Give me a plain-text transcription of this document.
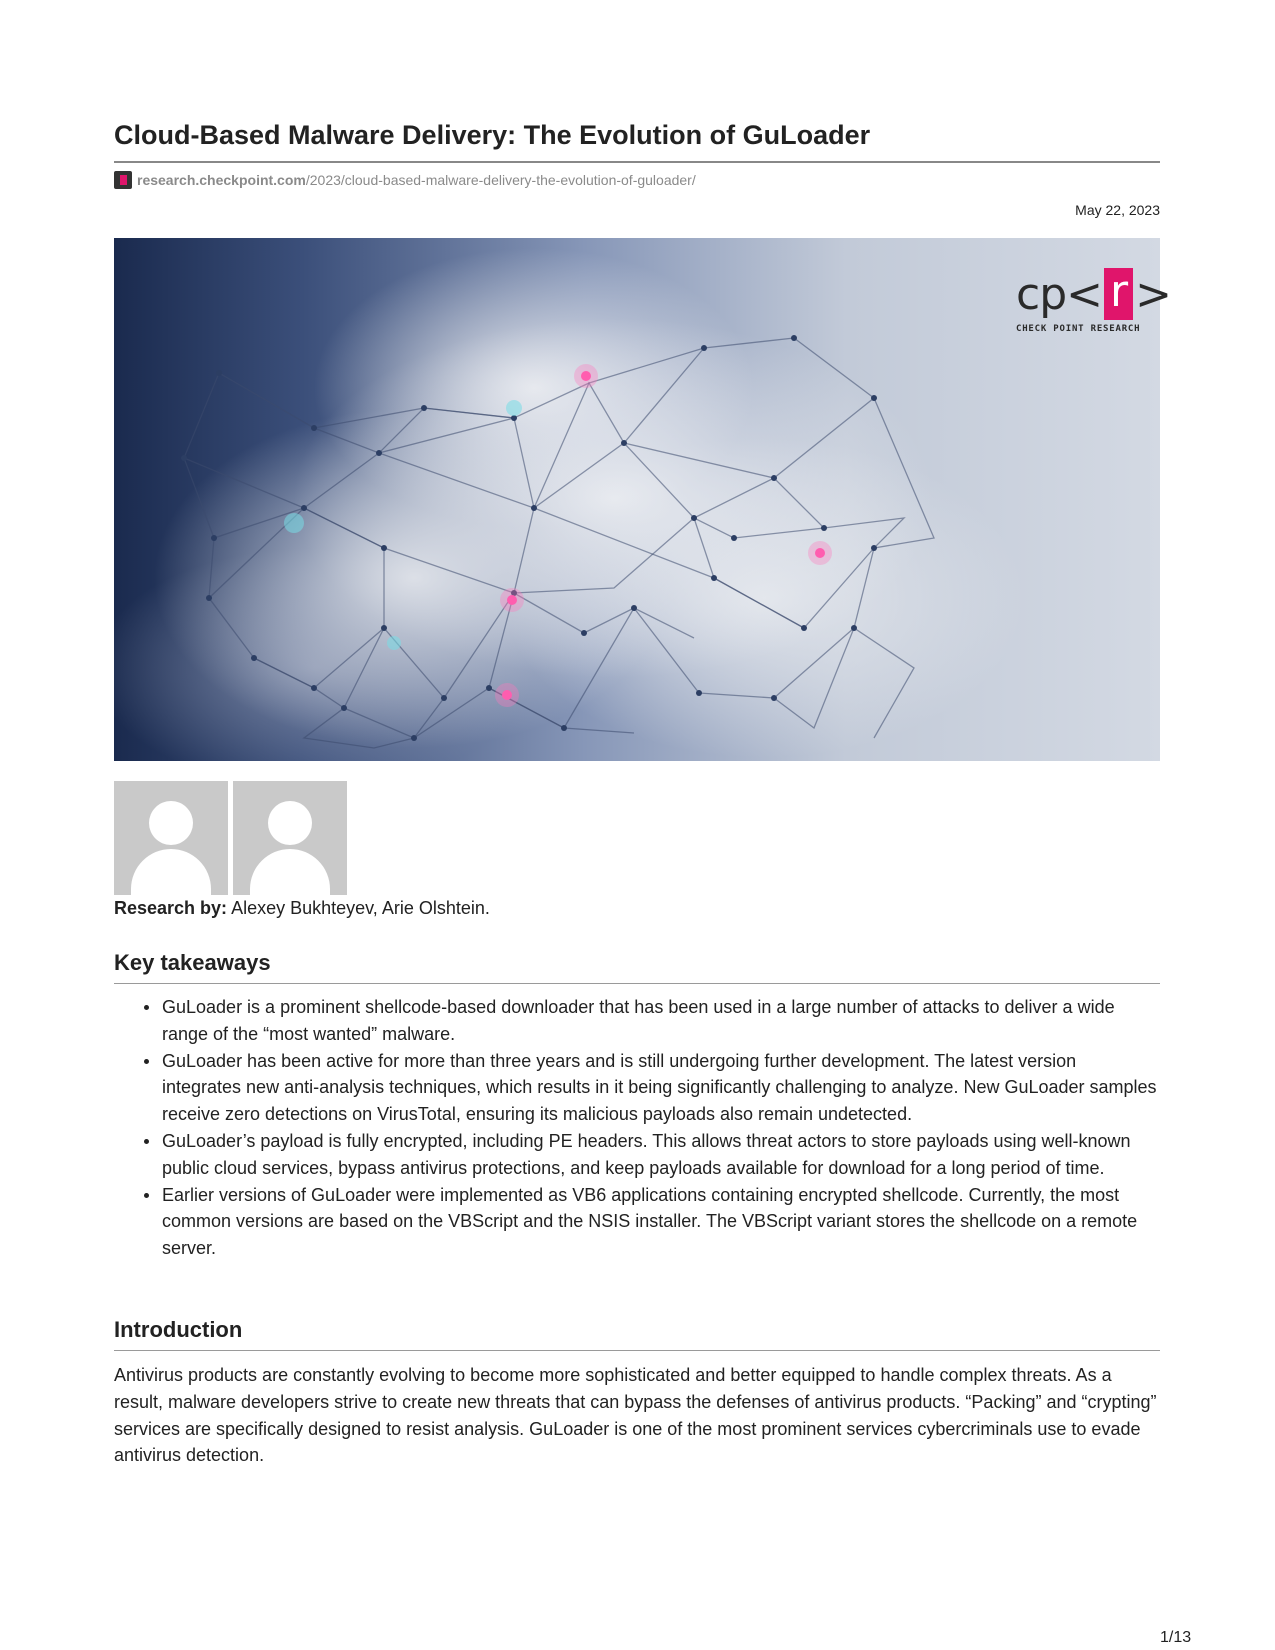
Cloud-Based Malware Delivery: The Evolution of GuLoader
research.checkpoint.com /2023/cloud-based-malware-delivery-the-evolution-of-guloader/
May 22, 2023
cp< r >
CHECK POINT RESEARCH
Research by: Alexey Bukhteyev, Arie Olshtein.
Key takeaways
GuLoader is a prominent shellcode-based downloader that has been used in a large number of attacks to deliver a wide range of the “most wanted” malware.
GuLoader has been active for more than three years and is still undergoing further development. The latest version integrates new anti-analysis techniques, which results in it being significantly challenging to analyze. New GuLoader samples receive zero detections on VirusTotal, ensuring its malicious payloads also remain undetected.
GuLoader’s payload is fully encrypted, including PE headers. This allows threat actors to store payloads using well-known public cloud services, bypass antivirus protections, and keep payloads available for download for a long period of time.
Earlier versions of GuLoader were implemented as VB6 applications containing encrypted shellcode. Currently, the most common versions are based on the VBScript and the NSIS installer. The VBScript variant stores the shellcode on a remote server.
Introduction

Antivirus products are constantly evolving to become more sophisticated and better equipped to handle complex threats. As a result, malware developers strive to create new threats that can bypass the defenses of antivirus products. “Packing” and “crypting” services are specifically designed to resist analysis. GuLoader is one of the most prominent services cybercriminals use to evade antivirus detection.

1/13
